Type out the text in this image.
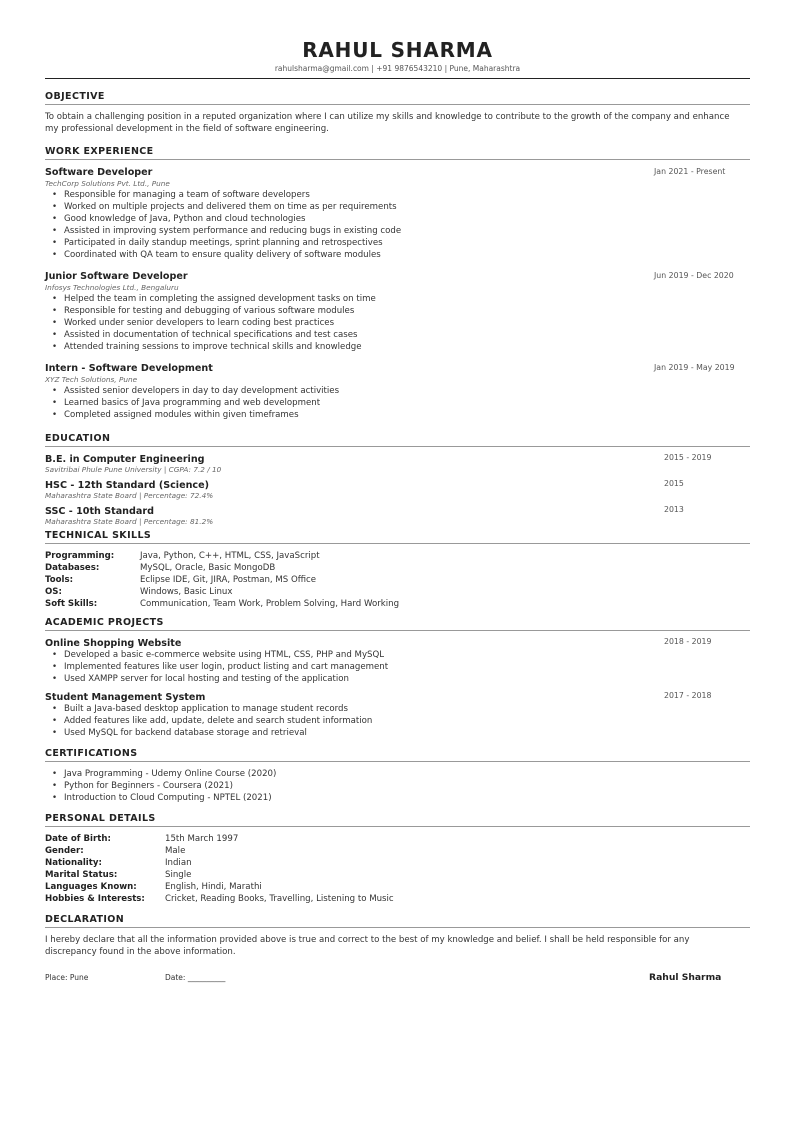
RAHUL SHARMA
rahulsharma@gmail.com | +91 9876543210 | Pune, Maharashtra
OBJECTIVE
To obtain a challenging position in a reputed organization where I can utilize my skills and knowledge to contribute to the growth of the company and enhance my professional development in the field of software engineering.
WORK EXPERIENCE
Software Developer
TechCorp Solutions Pvt. Ltd., Pune
Jan 2021 - Present
• Responsible for managing a team of software developers
• Worked on multiple projects and delivered them on time as per requirements
• Good knowledge of Java, Python and cloud technologies
• Assisted in improving system performance and reducing bugs in existing code
• Participated in daily standup meetings, sprint planning and retrospectives
• Coordinated with QA team to ensure quality delivery of software modules
Junior Software Developer
Infosys Technologies Ltd., Bengaluru
Jun 2019 - Dec 2020
• Helped the team in completing the assigned development tasks on time
• Responsible for testing and debugging of various software modules
• Worked under senior developers to learn coding best practices
• Assisted in documentation of technical specifications and test cases
• Attended training sessions to improve technical skills and knowledge
Intern - Software Development
XYZ Tech Solutions, Pune
Jan 2019 - May 2019
• Assisted senior developers in day to day development activities
• Learned basics of Java programming and web development
• Completed assigned modules within given timeframes
EDUCATION
B.E. in Computer Engineering
Savitribai Phule Pune University | CGPA: 7.2 / 10
2015 - 2019
HSC - 12th Standard (Science)
Maharashtra State Board | Percentage: 72.4%
2015
SSC - 10th Standard
Maharashtra State Board | Percentage: 81.2%
2013
TECHNICAL SKILLS
Programming:	Java, Python, C++, HTML, CSS, JavaScript
Databases:	MySQL, Oracle, Basic MongoDB
Tools:	Eclipse IDE, Git, JIRA, Postman, MS Office
OS:	Windows, Basic Linux
Soft Skills:	Communication, Team Work, Problem Solving, Hard Working
ACADEMIC PROJECTS
Online Shopping Website	2018 - 2019
• Developed a basic e-commerce website using HTML, CSS, PHP and MySQL
• Implemented features like user login, product listing and cart management
• Used XAMPP server for local hosting and testing of the application
Student Management System	2017 - 2018
• Built a Java-based desktop application to manage student records
• Added features like add, update, delete and search student information
• Used MySQL for backend database storage and retrieval
CERTIFICATIONS
• Java Programming - Udemy Online Course (2020)
• Python for Beginners - Coursera (2021)
• Introduction to Cloud Computing - NPTEL (2021)
PERSONAL DETAILS
Date of Birth:	15th March 1997
Gender:	Male
Nationality:	Indian
Marital Status:	Single
Languages Known:	English, Hindi, Marathi
Hobbies & Interests: Cricket, Reading Books, Travelling, Listening to Music
DECLARATION
I hereby declare that all the information provided above is true and correct to the best of my knowledge and belief. I shall be held responsible for any discrepancy found in the above information.
Place: Pune	Date: __________	Rahul Sharma
